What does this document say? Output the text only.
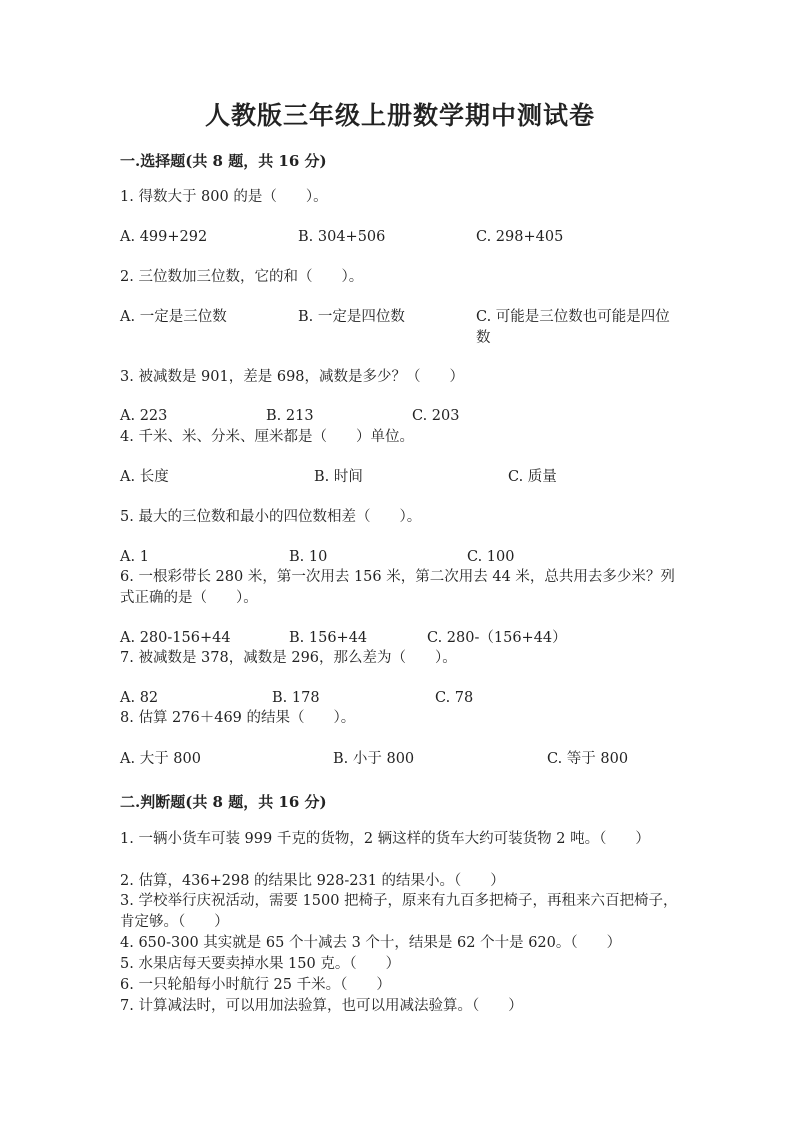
人教版三年级上册数学期中测试卷
一.选择题(共 8 题，共 16 分)
1. 得数大于 800 的是（　　）。
A. 499+292	B. 304+506	C. 298+405
2. 三位数加三位数，它的和（　　）。
A. 一定是三位数	B. 一定是四位数	C. 可能是三位数也可能是四位数
3. 被减数是 901，差是 698，减数是多少？（　　）
A. 223	B. 213	C. 203
4. 千米、米、分米、厘米都是（　　）单位。
A. 长度	B. 时间	C. 质量
5. 最大的三位数和最小的四位数相差（　　）。
A. 1	B. 10	C. 100
6. 一根彩带长 280 米，第一次用去 156 米，第二次用去 44 米，总共用去多少米？列式正确的是（　　）。
A. 280-156+44	B. 156+44	C. 280-（156+44）
7. 被减数是 378，减数是 296，那么差为（　　）。
A. 82	B. 178	C. 78
8. 估算 276＋469 的结果（　　）。
A. 大于 800	B. 小于 800	C. 等于 800
二.判断题(共 8 题，共 16 分)
1. 一辆小货车可装 999 千克的货物，2 辆这样的货车大约可装货物 2 吨。（　　）
2. 估算，436+298 的结果比 928-231 的结果小。（　　）
3. 学校举行庆祝活动，需要 1500 把椅子，原来有九百多把椅子，再租来六百把椅子，肯定够。（　　）
4. 650-300 其实就是 65 个十减去 3 个十，结果是 62 个十是 620。（　　）
5. 水果店每天要卖掉水果 150 克。（　　）
6. 一只轮船每小时航行 25 千米。（　　）
7. 计算减法时，可以用加法验算，也可以用减法验算。（　　）
